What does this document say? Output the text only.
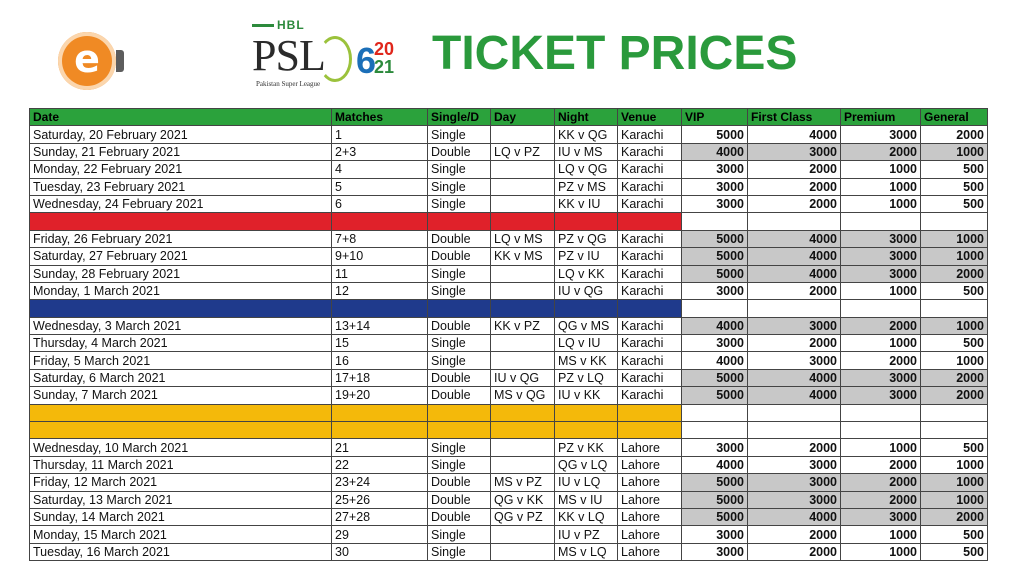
e
HBL
PSL
Pakistan Super League
6
20
21 TICKET PRICES
Date	Matches	Single/D	Day	Night	Venue	VIP	First Class	Premium	General
Saturday, 20 February 2021	1	Single		KK v QG	Karachi	5000	4000	3000	2000
Sunday, 21 February 2021	2+3	Double	LQ v PZ	IU v MS	Karachi	4000	3000	2000	1000
Monday, 22 February 2021	4	Single		LQ v QG	Karachi	3000	2000	1000	500
Tuesday, 23 February 2021	5	Single		PZ v MS	Karachi	3000	2000	1000	500
Wednesday, 24 February 2021	6	Single		KK v IU	Karachi	3000	2000	1000	500

Friday, 26 February 2021	7+8	Double	LQ v MS	PZ v QG	Karachi	5000	4000	3000	1000
Saturday, 27 February 2021	9+10	Double	KK v MS	PZ v IU	Karachi	5000	4000	3000	1000
Sunday, 28 February 2021	11	Single		LQ v KK	Karachi	5000	4000	3000	2000
Monday, 1 March 2021	12	Single		IU v QG	Karachi	3000	2000	1000	500

Wednesday, 3 March 2021	13+14	Double	KK v PZ	QG v MS	Karachi	4000	3000	2000	1000
Thursday, 4 March 2021	15	Single		LQ v IU	Karachi	3000	2000	1000	500
Friday, 5 March 2021	16	Single		MS v KK	Karachi	4000	3000	2000	1000
Saturday, 6 March 2021	17+18	Double	IU v QG	PZ v LQ	Karachi	5000	4000	3000	2000
Sunday, 7 March 2021	19+20	Double	MS v QG	IU v KK	Karachi	5000	4000	3000	2000

Wednesday, 10 March 2021	21	Single		PZ v KK	Lahore	3000	2000	1000	500
Thursday, 11 March 2021	22	Single		QG v LQ	Lahore	4000	3000	2000	1000
Friday, 12 March 2021	23+24	Double	MS v PZ	IU v LQ	Lahore	5000	3000	2000	1000
Saturday, 13 March 2021	25+26	Double	QG v KK	MS v IU	Lahore	5000	3000	2000	1000
Sunday, 14 March 2021	27+28	Double	QG v PZ	KK v LQ	Lahore	5000	4000	3000	2000
Monday, 15 March 2021	29	Single		IU v PZ	Lahore	3000	2000	1000	500
Tuesday, 16 March 2021	30	Single		MS v LQ	Lahore	3000	2000	1000	500
